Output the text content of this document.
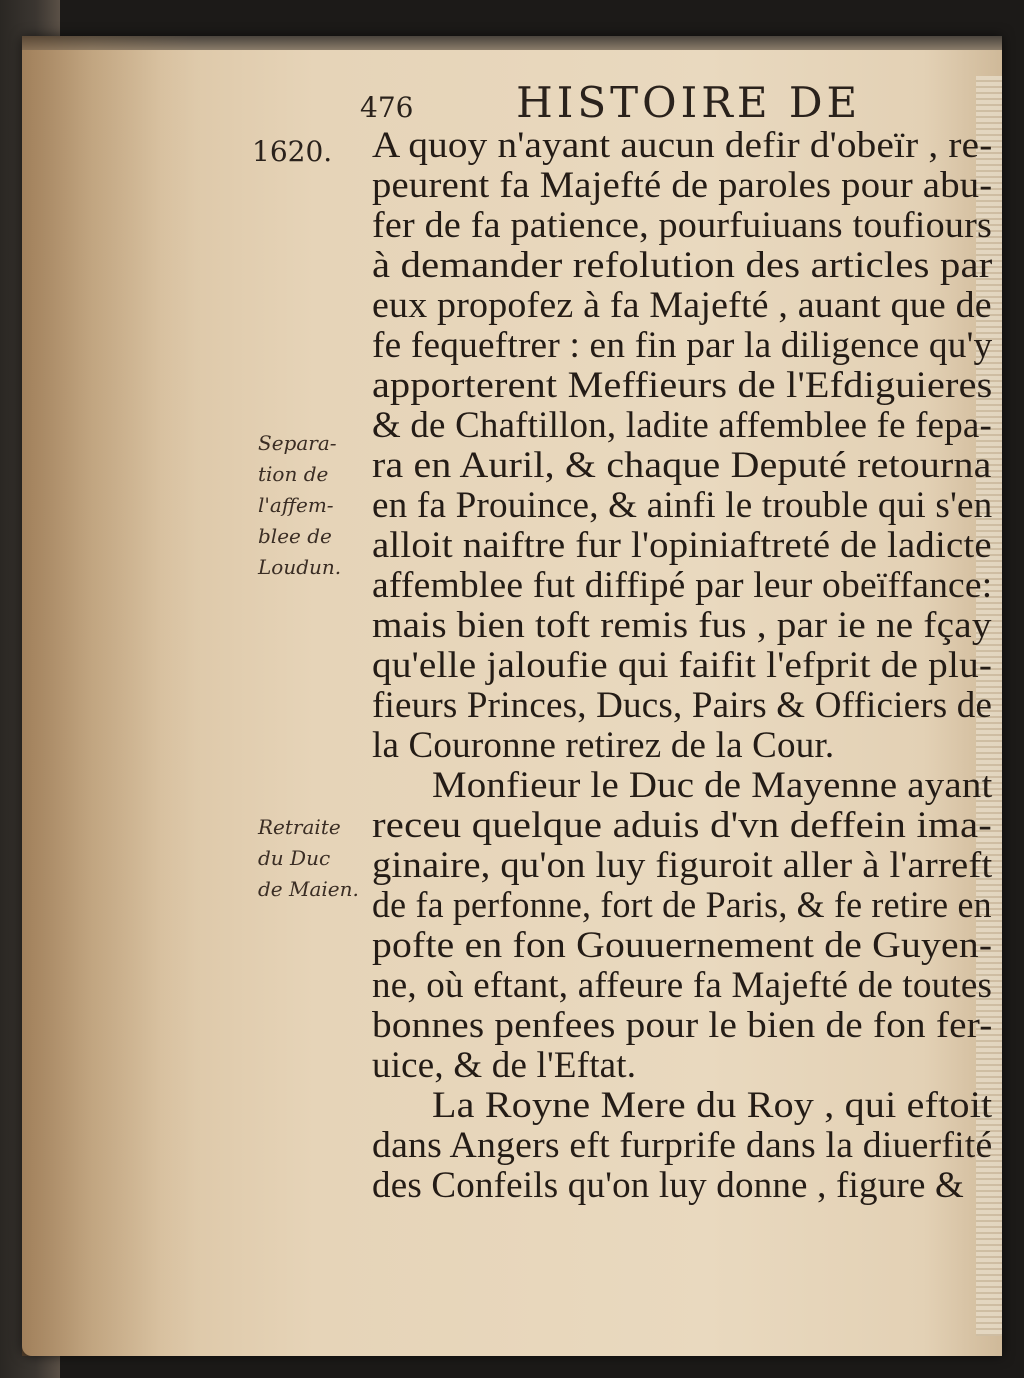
476 HISTOIRE DE
1620.
Separa-
tion de
l'affem-
blee de
Loudun.
Retraite
du Duc
de Maien.
A quoy n'ayant aucun defir d'obeïr , re-
peurent fa Majefté de paroles pour abu-
fer de fa patience, pourfuiuans toufiours
à demander refolution des articles par
eux propofez à fa Majefté , auant que de
fe fequeftrer : en fin par la diligence qu'y
apporterent Meffieurs de l'Efdiguieres
& de Chaftillon, ladite affemblee fe fepa-
ra en Auril, & chaque Deputé retourna
en fa Prouince, & ainfi le trouble qui s'en
alloit naiftre fur l'opiniaftreté de ladicte
affemblee fut diffipé par leur obeïffance:
mais bien toft remis fus , par ie ne fçay
qu'elle jaloufie qui faifit l'efprit de plu-
fieurs Princes, Ducs, Pairs & Officiers de
la Couronne retirez de la Cour.
Monfieur le Duc de Mayenne ayant
receu quelque aduis d'vn deffein ima-
ginaire, qu'on luy figuroit aller à l'arreft
de fa perfonne, fort de Paris, & fe retire en
pofte en fon Gouuernement de Guyen-
ne, où eftant, affeure fa Majefté de toutes
bonnes penfees pour le bien de fon fer-
uice, & de l'Eftat.
La Royne Mere du Roy , qui eftoit
dans Angers eft furprife dans la diuerfité
des Confeils qu'on luy donne , figure &
